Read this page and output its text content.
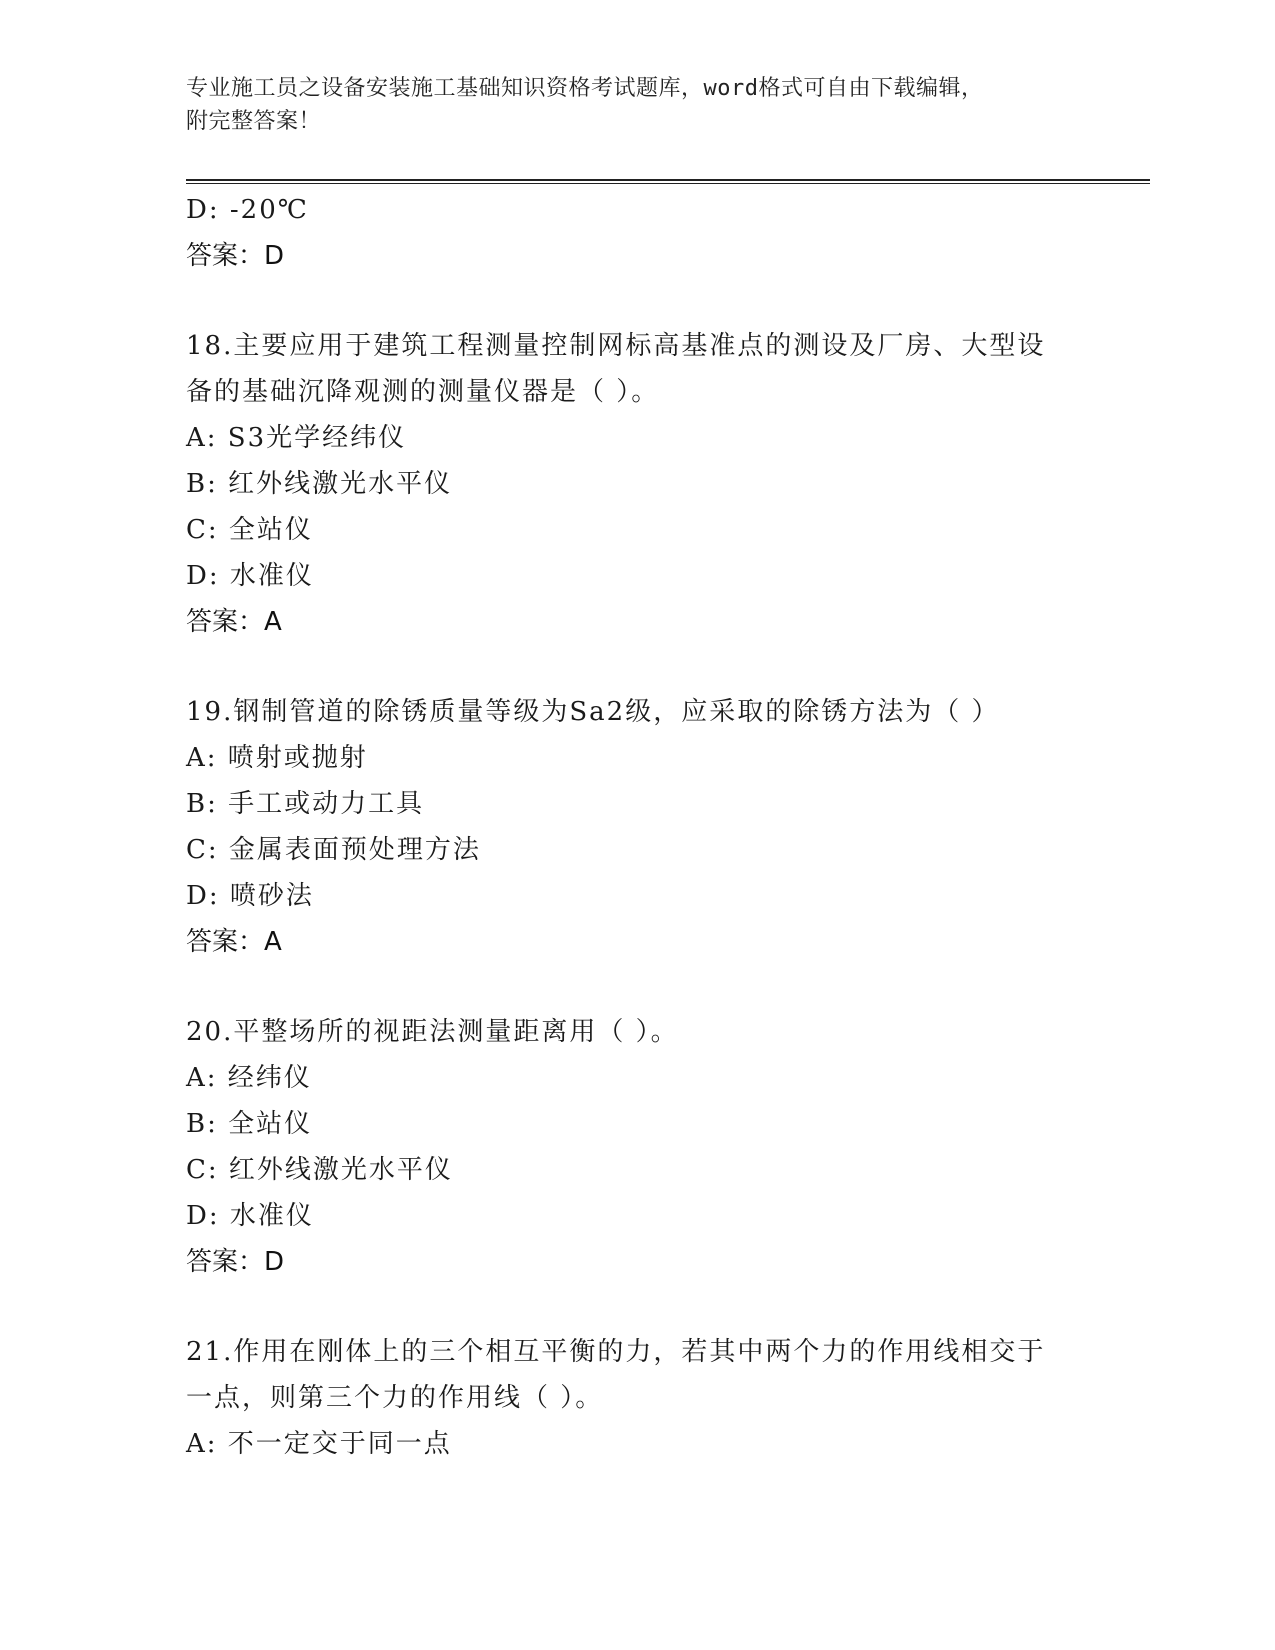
专业施工员之设备安装施工基础知识资格考试题库，word格式可自由下载编辑，
附完整答案！
D: -20℃
答案：D
18.主要应用于建筑工程测量控制网标高基准点的测设及厂房、大型设
备的基础沉降观测的测量仪器是（ ）。
A: S3光学经纬仪
B: 红外线激光水平仪
C: 全站仪
D: 水准仪
答案：A
19.钢制管道的除锈质量等级为Sa2级，应采取的除锈方法为（ ）
A: 喷射或抛射
B: 手工或动力工具
C: 金属表面预处理方法
D: 喷砂法
答案：A
20.平整场所的视距法测量距离用（ ）。
A: 经纬仪
B: 全站仪
C: 红外线激光水平仪
D: 水准仪
答案：D
21.作用在刚体上的三个相互平衡的力，若其中两个力的作用线相交于
一点，则第三个力的作用线（ ）。
A: 不一定交于同一点
